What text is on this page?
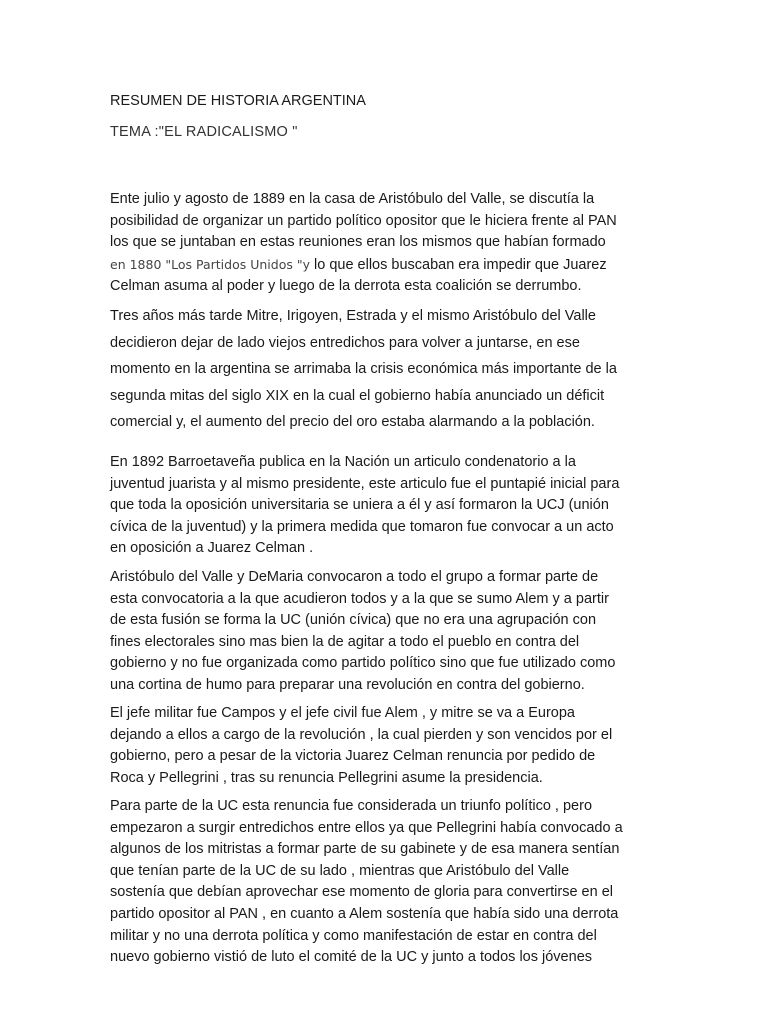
RESUMEN DE HISTORIA ARGENTINA
TEMA :"EL RADICALISMO "

Ente julio y agosto de 1889 en la casa de Aristóbulo del Valle, se discutía la
posibilidad de organizar un partido político opositor que le hiciera frente al PAN
los que se juntaban en estas reuniones eran los mismos que habían formado
en 1880 "Los Partidos Unidos "y lo que ellos buscaban era impedir que Juarez
Celman asuma al poder y luego de la derrota esta coalición se derrumbo.

Tres años más tarde Mitre, Irigoyen, Estrada y el mismo Aristóbulo del Valle
decidieron dejar de lado viejos entredichos para volver a juntarse, en ese
momento en la argentina se arrimaba la crisis económica más importante de la
segunda mitas del siglo XIX en la cual el gobierno había anunciado un déficit
comercial y, el aumento del precio del oro estaba alarmando a la población.

En 1892 Barroetaveña publica en la Nación un articulo condenatorio a la
juventud juarista y al mismo presidente, este articulo fue el puntapié inicial para
que toda la oposición universitaria se uniera a él y así formaron la UCJ (unión
cívica de la juventud) y la primera medida que tomaron fue convocar a un acto
en oposición a Juarez Celman .

Aristóbulo del Valle y DeMaria convocaron a todo el grupo a formar parte de
esta convocatoria a la que acudieron todos y a la que se sumo Alem y a partir
de esta fusión se forma la UC (unión cívica) que no era una agrupación con
fines electorales sino mas bien la de agitar a todo el pueblo en contra del
gobierno y no fue organizada como partido político sino que fue utilizado como
una cortina de humo para preparar una revolución en contra del gobierno.

El jefe militar fue Campos y el jefe civil fue Alem , y mitre se va a Europa
dejando a ellos a cargo de la revolución , la cual pierden y son vencidos por el
gobierno, pero a pesar de la victoria Juarez Celman renuncia por pedido de
Roca y Pellegrini , tras su renuncia Pellegrini asume la presidencia.

Para parte de la UC esta renuncia fue considerada un triunfo político , pero
empezaron a surgir entredichos entre ellos ya que Pellegrini había convocado a
algunos de los mitristas a formar parte de su gabinete y de esa manera sentían
que tenían parte de la UC de su lado , mientras que Aristóbulo del Valle
sostenía que debían aprovechar ese momento de gloria para convertirse en el
partido opositor al PAN , en cuanto a Alem sostenía que había sido una derrota
militar y no una derrota política y como manifestación de estar en contra del
nuevo gobierno vistió de luto el comité de la UC y junto a todos los jóvenes
